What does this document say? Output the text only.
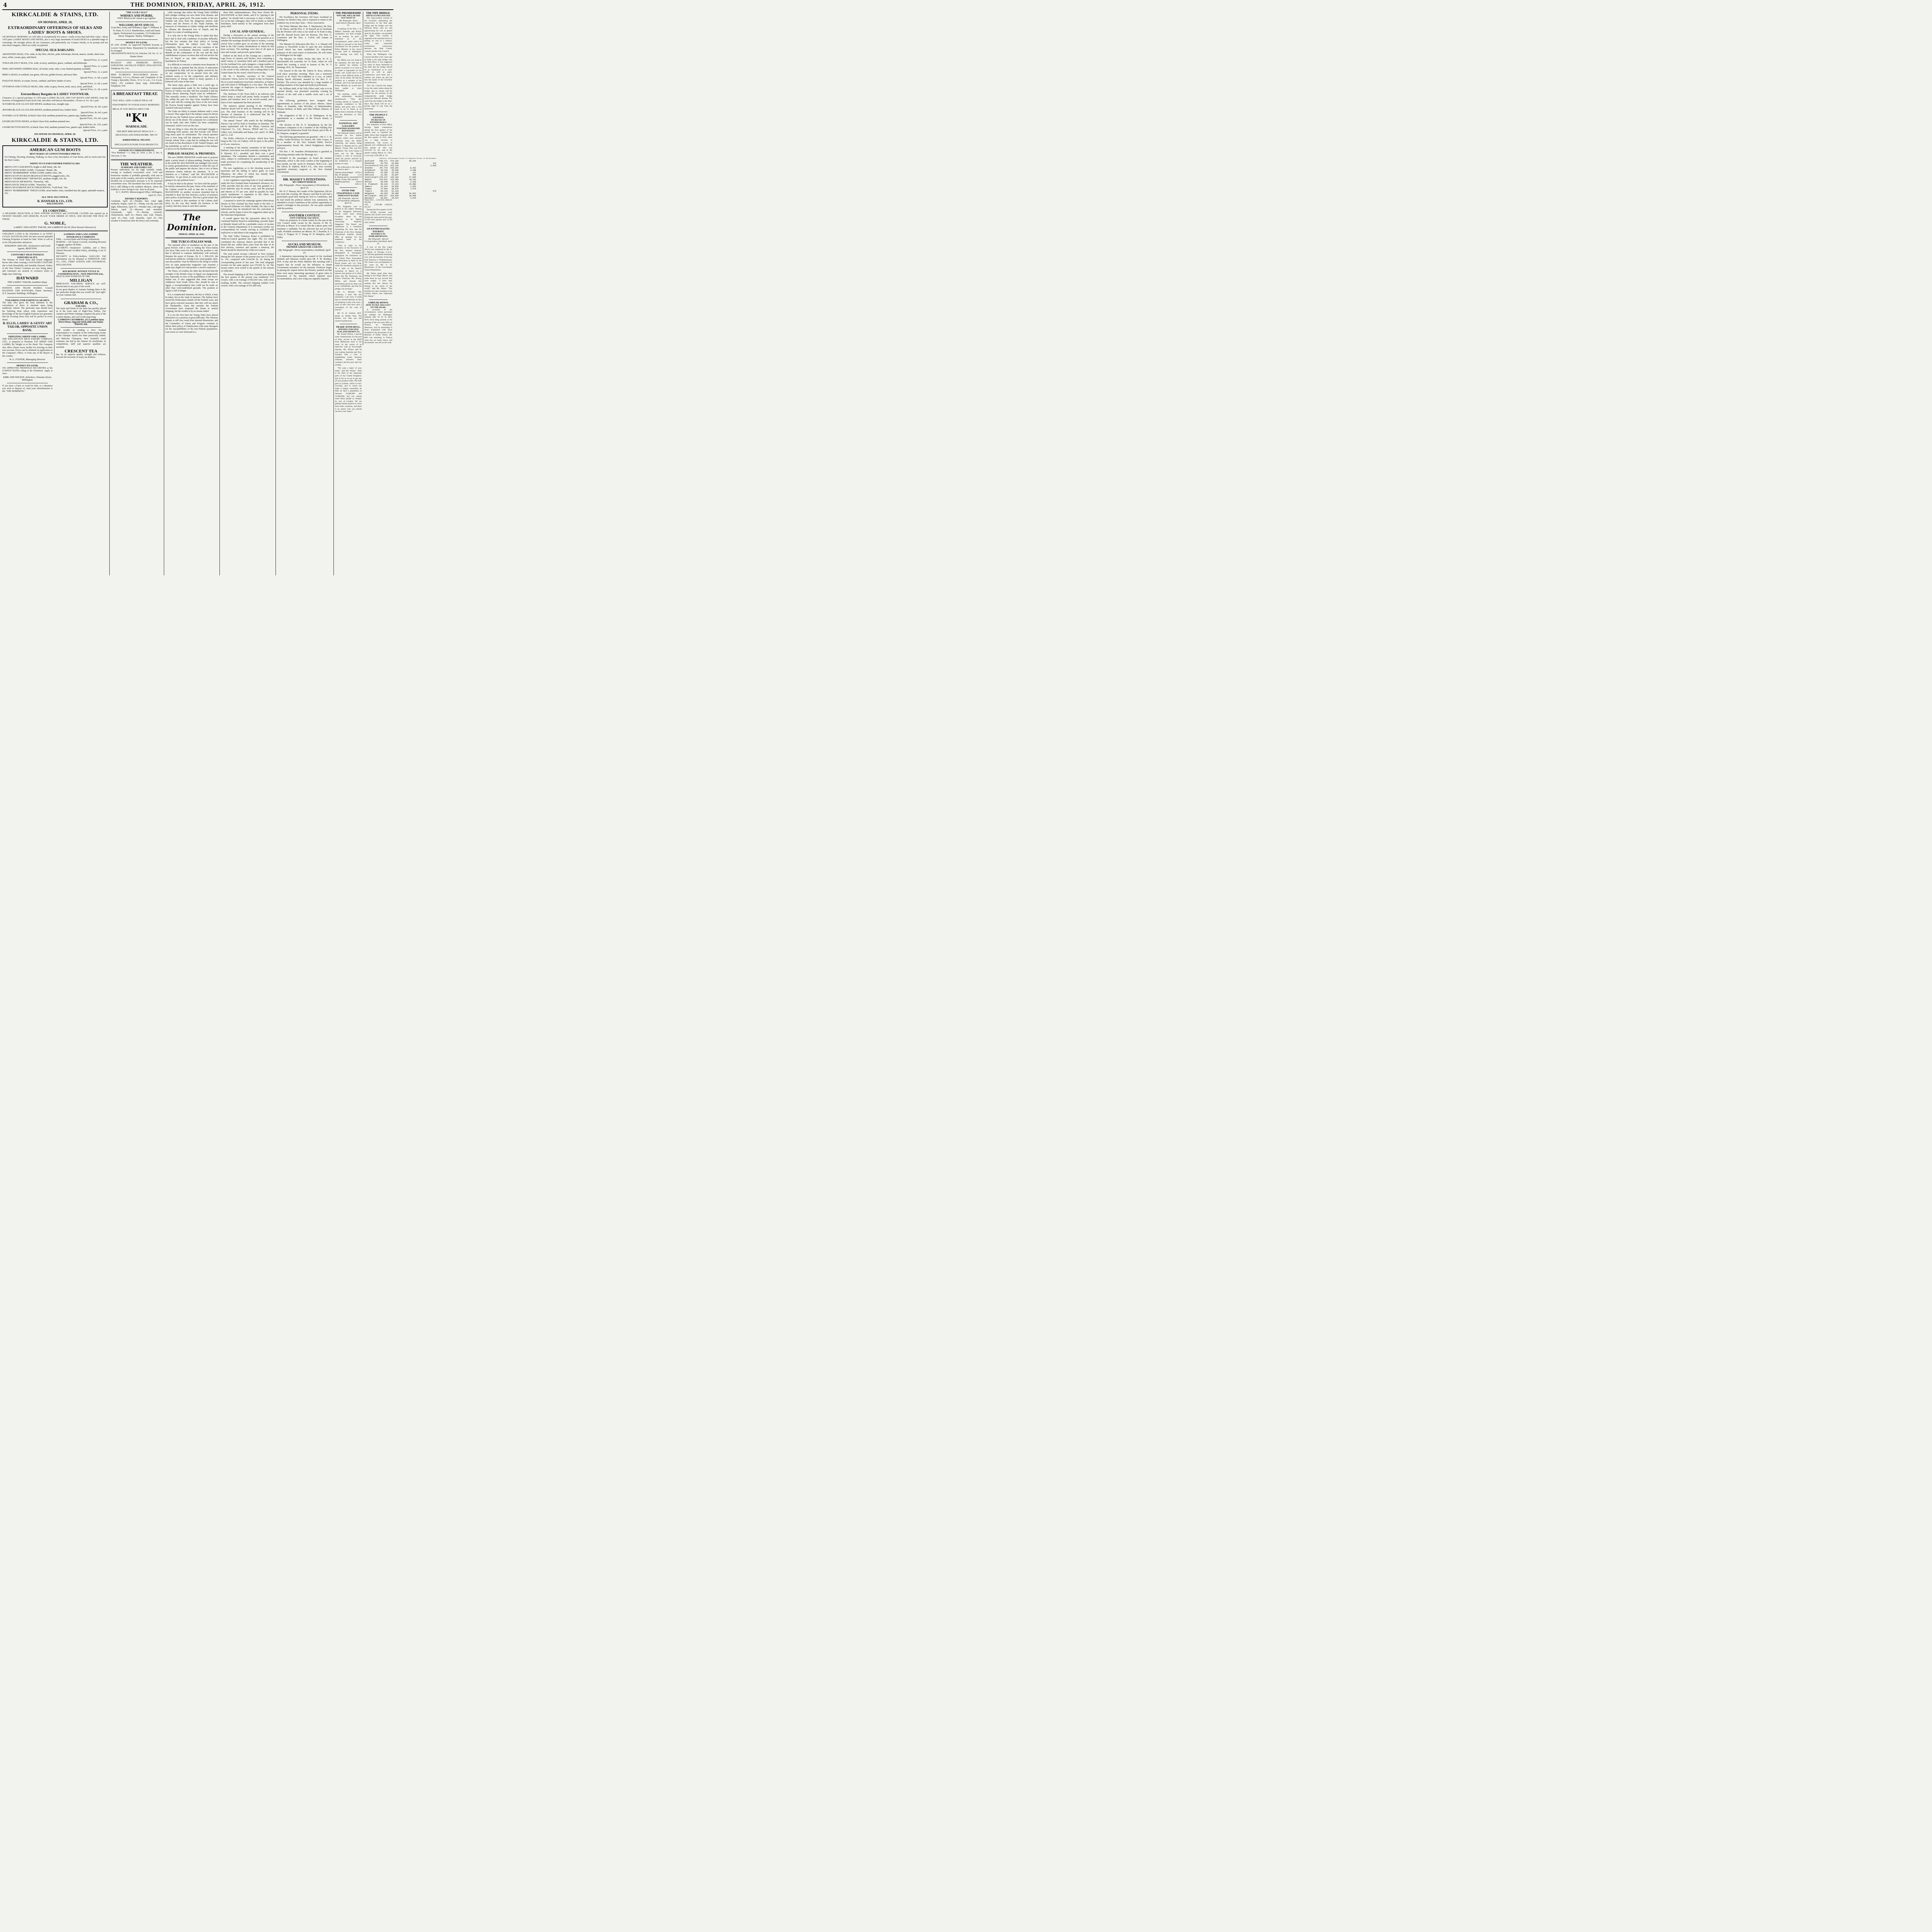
4	THE DOMINION, FRIDAY, APRIL 26, 1912.
KIRKCALDIE & STAINS, LTD.
ON MONDAY, APRIL 29,
EXTRAORDINARY OFFERINGS OF SILKS AND LADIES' BOOTS & SHOES.
ON MONDAY MORNING we will offer at exceptionally low prices—really at less than half their value—about 1470 pairs LADIES' BOOTS AND SHOES, also a very large assortment of useful SILKS in a splendid range of colourings. We strongly advise all our Customers, and particularly our Country friends, to be prompt and not miss these bargains, which are really exceptional.
SPECIAL SILK BARGAINS.
ARGENTINE SILKS, 27in. wide, in sky blue, electric, pink, heliotrope, biscuit, mauve, resede, sheet rose, navy, white, cream, grey, and black.

Special Price, 1s. a yard.
TOILE-DE-JOUY SILKS, 27in. wide, in navy, amethyst, green, cardinal, and heliotrope.

Special Price, 1s. a yard.
PINK AND WHITE STRIPED SILK, 20 inches wide, only a very limited quantity available.

Special Price, 1s. a yard.
BERCA SILKS, in cardinal, sea-green, old rose, golden brown, and navy blue.

Special Price, 1s. 9d. a yard.
PAILETTE SILKS, in cream, brown, cardinal, and three shades of navy.

Special Price, 1s. 6d. a yard.
OTTOMAN AND COTILLE SILKS, 20in. wide, in grey, brown, mole, navy, moss, and black.

Special Price, 1s. 3d. a yard.
Extraordinary Bargains in LADIES' FOOTWEAR.
Clearance of a special purchase of 1470 pairs LADIES' BLACK AND TAN BOOTS AND SHOES, from the factories of Knippendorf Fand, Rock Oak, and other well-known Shoemakers. All new at 11s. 6d. a pair.
56 PAIRS BLACK GLACE KID SHOES, medium toes, straight caps.

Special Price, 8s. 6d. a pair.
48 PAIRS BLACK GLACE KID SHOES, medium pointed toes, leather heels.

Special Price, 8s. 6d. a pair.
56 PAIRS LACE SHOES, in black Glace Kid, medium pointed toes, patent caps, leather heels.

Special Price, 10s. 6d. a pair.
8 PAIRS BUTTON SHOES, in black Glace Kid, medium pointed toes.

Special Price, 6s. 11d. a pair.
6 PAIRS BUTTON BOOTS, in black Glace Kid, medium pointed toes, patent caps, leather heels.

Special Price, 21s. a pair.
ON OFFER ON MONDAY, APRIL 29.
KIRKCALDIE & STAINS, LTD.
AMERICAN GUM BOOTS
BEST MAKES AT LOWEST POSSIBLE PRICES.
For Fishing, Shooting, Draining, Walking, we have every description of Gum Boots, and we stock none but the Best Grades.
WRITE TO US FOR FURTHER PARTICULARS.
MEN'S CITY GUM BOOTS, bright or dull finish, 28s. 6d.
MEN'S DUCK KNEE GUMS, "Gomestic" Brand, 18s.
MEN'S "RUBBERHIDE" KNEE GUMS, leather soles, 30s.
MEN'S SCOTCH GRAIN DRAINAGE BOOTS, pegged soles, 35s.
MEN'S "STORM KING" HIP BOOTS, medium weight, 52s. 6d.
MEN'S DUCK HIP BOOTS, "Waverley," 40s.
MEN'S DUCK THIGH GUMS, "Waverley," 40s.
MEN'S SNAGPROOF DUCK THIGH BOOTS, "Gold Seal," 42s.
MEN'S "RUBBERHIDE" THIGH GUMS, stout leather soles, moulded into the upper, splendid wearers, 47s.
ALL NEW 1912 STOCK.
R. HANNAH & CO., LTD.
WELLINGTON.
EX CORINTHIC.
A SPLENDID SELECTION of NEW WINTER SUITINGS and COSTUME CLOTHS Just opened up in NEWEST SHADES AND DESIGNS. PLACE YOUR ORDER AT ONCE, AND SECURE THE PICK OF THESE.
G. NOBLE,
LADIES' AND GENTS' TAILOR, 364 LAMBTON QUAY (Next Stewart Dawson's).
CHEAPEST LAND in the Dominion is on WEST COAST, SOUTH ISLAND. We have several splendid Farming Properties in hand for Sale. Write or call on us for full particulars and prices.
M'MAHON AND LEE, Auctioneers and Land Agents, REEFTON.
COSTUMES THAT POSSESS INDIVIDUALITY.
The Woman of Good Taste and Sound Judgment knows that when wearing a HAYWARD COSTUME she is both Beautifully and Sensibly Dressed. Orders of the New Winter Costumes are now being taken, and customers are assured of exclusive styles in High-class Tailoring.
HAYWARD
THE LADIES' TAILOR, Lambton Quay.
PATENTS AND TRADE MARKS. Consult BALDWIN AND RAYWARD, Patent Attorneys, N.Z. Insurance Buildings, Wellington.
TAILORING FOR PARTICULAR MEN.
The man who gives the least attention to the conventions of dress is insistent upon being faultlessly Attired. The particular man should have his Tailoring done where wide experience and knowledge of the best English Fashions are guarantee that his Evening Dress Suit will be perfect in every detail.
B. ELLIS, LADIES' & GENTS' ART TAILOR, OPPOSITE UNION BANK.
FREEZING SHEEP AND LAMBS.
THE WELLINGTON MEAT EXPORT COMPANY, LTD., is prepared to Purchase FAT SHEEP AND LAMBS, By Weight or at Per Head. The Company also offers clients every facility for freezing on their own account. Prices can be obtained on application at the Company's Office, or from any of the Buyers in the country.
W. G. FOSTER, Managing Director.
MONEY TO LEND.
ON APPROVED FREEHOLD SECURITIES at the LOWEST RATES ruling in the Dominion. Apply at once.
KIRK AND WILSON, Solicitors, Panama Street, Wellington.
If you have a Farm or Land for Sale, or a Business you wish to dispose of, send your advertisement to the "THE DOMINION."
LONDON AND LANCASHIRE INSURANCE COMPANY.
FIRE.—Lowest Rates and Prompt Settlements.
MARINE.—All Classes Covered, including Personal Luggage, against All Risks.
ACCIDENT.—Employers' Liability, and a Most Liberal Personal Accident Policy, including a List of Diseases.
SECURITY to Policy-holders, £4,812,381. Full information can be obtained at JOHNSTON AND CO., LTD., CHIEF AGENTS AND ATTORNEYS, WELLINGTON.
KELBURNE AVENUE STYLE IS COSMOPOLITAN—NOT PROVINCIAL.
THAT IS WHY PATRONS OF THE
MILLIGAN
MERCHANT TAILORING SERVICE are well-dressed men in any part of the world.
In our great display of Autumn Suitings there is the one particular design that you would call "just right" for your Autumn Suit.
GRAHAM & CO.,
TAILORS.
The Style and Finish of our Suits has quickly placed us in the front rank of High-Class Tailors. Our Autumn and Winter Suitings comprise the pick of the London Market, and well worth inspecting.
LAMBTON CHAMBERS, 212 Lambton Quay (First Floor), Opposite Kirkcaldie and Stains, 'PHONE 620.
THE trouble in sending a New Zealand representative to compete in the forthcoming events at the Olympic Sports has been practically settled, and Malcolm Champion, New Zealand's crack swimmer, has left by the Athenic for Stockholm. In competitions, skill and superior qualities are essential.
CRESCENT TEA
has, by its superior quality, strength and richness, become the favourite of many tea drinkers.
"THE CLUB CALLS"
WHISKY AND PURIRI,
THEY Blend as tho' meant to go together.
WILLIAMS, HUNT AND CO.
(Late Barr, Leary, and Williams.) Algar T. Williams. E. W. Hunt, F.I.A.N.Z. Sharebrokers, Land and Estate Agents, Professional Accountants, 153 Featherston Street, Telegrams "Barley, Wellington."
MONEY TO LEND.
IN ANY SUMS, on Approved Freehold Security at Lowest Current Rates. Repayment by instalments can be arranged.
SIR KENNETH DOUGLAS, Solicitor, Tel. No. 31. 11 Hunter Street.
BULKLEY AND DIDSBURY, DENTAL SURGEONS, 144 WILLIS STREET, WELLINGTON. Telephone No. 216.
MISS FLORENCE MACGEORGE (Doctor of Osteopathy, U.S.A.), Diseases and Complaints of the Young a Speciality. Hours, 10 to 12 a.m., 2 to 4 p.m. Office, 252 Lambton Quay (opp. Kirkcaldie's). Telephone, 939.
A BREAKFAST TREAT.
YOU WILL ADD A GREAT DEAL OF ENJOYMENT TO YOUR DAILY MORNING MEAL IF YOU REGULARLY USE
"K"
MARMALADE.
THE BEST BREAKFAST DELICACY — DELICIOUS AND WHOLESOME. TRY IT!
KIRKPATRICK, NELSON.
SPECIALISTS IN PURE FOOD PRODUCTS.
ANSWER TO CORRESPONDENT.
"Five Hundred."—1, May 23, 1910. 2, No. 3, Yes. 4, One year. 5, Yes.
THE WEATHER.
SUMMARY AND FORECAST.
Present indications are for high westerly winds, veering to southerly everywhere soon. Cold and boisterous weather is probable generally, with rain in most parts of the country, and snow on higher levels. A decided rise in barometric pressure is to be expected everywhere soon. The barometer has risen in the north, but is still falling in the southern districts, where the tendency is now strong to rise. Seas in all parts.
D. C. BATES. Meteorological Office, Wellington, April 25, 1912.
DISTRICT REPORTS.
Auckland, April 25.—Weather fine; wind light northerly. Napier, April 25.—Windy, wet day and cold night. Palmerston, April 25.—Weather fine; cold night. Nelson, April 25.—Showery and unsettled. Greymouth, April 25.—Stormy, westerly. Christchurch, April 25.—Heavy rain; cold. Timaru, April 25.—Fine, cold. Dunedin, April 25.—The weather is boisterous after the heavy rain yesterday.

cable message that unless the Young Turks fulfilled their pledges nothing can save them from disaster, and Europe from a great peril. The main results of the new Turkish rule have been the dangerous tension with France and the Powers of the Triple Entente; the massacre of Armenians at Adana; risings and rebellions in Albania; the threatened loss of Tripoli, and the Empire in a state of seething unrest.

It is only fair to the Young Turks to admit that they have had to deal with conditions of peculiar difficulty, but the fact remains that their policy of forcing Ottomanism upon the subject races has failed completely. The supremacy and very existence of the Young Turk Government, therefore, would seem to depend on the continuance of the war and the final establishment of peace on terms that will not involve the loss of Tripoli or any other conditions inflicting humiliation on Turkey.

It is difficult to conceive a situation more desperate. It may be taken as granted that the decree of annexation promulgated by Italy will not be lightly waived by her on any compromise. In its present form the only solution seems to be the compulsory and arbitrary intervention of Europe which in many quarters it is believed will come in due time.

The latest reply, given a little over a week ago, to peace representations made by the leading European Powers to Turkey was that "the first essential is that the Italian decree annexing Tripoli must be withdrawn." This naturally creates a deadlock. The Triple Alliance has within the past few days been extended towards 1914, and with the coming into force of the new treaty the Powers bound together against Turkey have been watched with much anxiety.

The Turks are likely to remain obdurate until a crisis is forced. They argue that if the Italians cannot be driven into the sea, the Turkish forces and the Arabs cannot be driven out of the desert. The proposals for a settlement can be made only after Turkey has been completely exhausted, which is not yet the case.

But one thing is clear, that the prolonged struggle is weakening both parties, and that Europe will before long insist upon its termination. The crucial question now is how long will the interests of the Powers of Europe refrain from a step that by ending the war will not result in that dissolution of the Turkish Empire, and the probability as well of a readjustment of the balance of power in the Mediterranean.

PHRASE-MAKING & PROMISES.

The new PRIME MINISTER would seem to propose quite a pretty knack of phrase-making. During his tour in the north Mr. MACKENZIE has indulged very freely in catchy generalisations calculated to tickle the ears of the public and impress the elector. One or two of these utterances clearly indicate his intention. "It is our intention as a Cabinet," said Mr. MACKENZIE at Hamilton, "to get down to solid work, and we are not going in for any political loves."

It may be that in the phrase "we have told the people" he merely summarises the past. Some of the members of the Cabinet would be well to take this to heart. Mr. MACKENZIE on another occasion remarked that he intended to draw the line between a policy of promises and a policy of performance. This has a good sound. But what is wanted is that members of the Cabinet shall show, by the way they handle the business of the country, that they mean to earn their salaries.

The Dominion.
FRIDAY, APRIL 26, 1912.
THE TURCO-ITALIAN WAR.

The repeated offers of mediation on the part of the great Powers with a view to ending the Turco-Italian war leave little room for doubt that the position is one that if allowed to continue indefinitely will seriously threaten the peace of Europe. Dr. E. J. DILLON, the well-known publicist, writing in his usual graphic style, says the position "may be likened to the firing of rockets over an open gunpowder magazine—any moment a spark may alight on it and produce a terrific explosion."

The Times, of London, the other day declared that the strength of the British Army in Egypt was dangerously low, especially in view of the possibilities of the Turco-Italian war. It also suggested that when troops are withdrawn from South Africa they should be sent to Egypt, a recommendation that could not be made on other than well-established grounds. The position in Egypt is full of danger.

It is a complicated situation, the key to which, it may be taken, lies in the clash of interests. The Italians have seized the Dodecanese islands off the Turkish coast, and have given renewed assurance that they will not attack the Dardanelles. Upon this promise the Turkish Government have reopened the Straits to neutral shipping, but the trouble is by no means ended.

It is not the first time the Young Turks have placed themselves in a position of great difficulty. The Ottoman Empire is still very weak from internal dissensions, and the Committee of Union and Progress continue to follow their policy of Turkification with some disregard for the susceptibilities of the non-Turkish populations. Last week we were informed in a

these little unpleasantnesses. They have chosen Mr. MACKENZIE as their leader, and if in "playing to the gallery" he should find it necessary to deal a buffet or two at his late colleagues, they will no doubt, as faithful henchmen, bend meekly to the castigation from their party chief.

LOCAL AND GENERAL.

During a discussion at the annual meeting of the Men's City Brotherhood last night, on the question as to whether the meetings should be open to women, a recent arrival from London gave an account of the meetings held in the Old Country Brotherhood of which he had been secretary. The meetings were first of all open to men and women, and proved a great failure.

Parked on the deck of the Aorangi are a number of cage boxes of canaries and finches, each containing a small variety of Australian birds and a hundred parrots for the Auckland Zoo, and a kangaroo, a large number of Australian parrots, and two black swans. Mr. Schneider is the owner of the collection, and is taking them to the United States by the vessel, which leaves to-day.

Mr. M. J. Reardon, secretary of the General Labourers' Union, leaves for Napier to-day on business. He is to meet employers in private conference, at Napier, and will return to Wellington in a few days. The matter concerns the wages of employees in connection with harbour works at Napier.

The chairman of the Town Hall is an ardorous task which keeps a small staff pretty busily occupied. The pianos and furniture have to be moved around, and a mass of new equipment has been procured.

The statutory annual meeting of the Wellington Harbour Board will be held on Thursday next, at 2.30 p.m. The chief business of the meeting will be the election of chairman. It is understood that Mr. R. Fletcher will be re-elected.

The annual "house" rifle match for the Wellington Harvey Cup will be fired at Trentham on Saturday. The teams represented will be the Hilton, Greerton and Glassware Co., Ltd., Briscoe, M'Kell and Co., Ltd., Gibb's, Ltd., Kirkcaldie and Stains, Ltd., and E. W. Mills and Co., Ltd.

The Hollis collection of pictures, which have been hung in the City Art Gallery, will be open to the public at 10 a.m. tomorrow.

A meeting of the interim committee of the Eastern Harbour Association was held yesterday evening, Mr. C. P. Skerrett, K.C., presided, and there was a good attendance. The committee drafted a constitution and rules, subject to confirmation by general meeting, and made provision for completing the membership of the association.

The new regulations as to the shooting season for opossums and the killing of native game on Lake Ellesmere, the effect of which has already been published, were gazetted last night.

A new regulation respecting loans to local authorities under the New Zealand State-Guaranteed Advances Act, 1909, provides that the term of any loan granted to a local authority may be twenty years, and the principal and interest at 5½ per cent. shall be payable by half-yearly instalments. A regulation to this effect was published in last night's Gazette.

A proposal to assist the campaign against tuberculosis disease in New Zealand has been made to the Hon. G. W. Russell (Minister for Public Health). His idea is that tuberculosis may be introduced into the curriculum of schools, and he hopes to have his suggestion taken up by the Education Department.

It would appear that the precaution taken by the Auckland Harbour Board in establishing a powder depot at Motuihi Island will be a profitable source of income to the Customs Department. It is customary (writes our correspondent) for vessels arriving at Auckland with explosives to take them to the magazine first.

The Hutt Valley Tramway Board is prohibited by Order-in-Council gazetted last night. The Act which constituted the tramway district provided that if the Board did not, within three years from the date of its first election, construct and operate a tramway, the Board should be dissolved by Order-in-Council.

The total postal revenue collected in New Zealand during the first quarter of the present year was £173,896 5s. 11d., compared with £164,596 9s. 3d. during the corresponding period of last year. The total telegraph revenue for the same quarter was £76,936 5s. 1d. The money-orders were issued in the quarter to the amount of £686,000.

The inward shipping at all New Zealand ports during the first quarter of the present year numbered 1113 vessels, with a net tonnage of 902,665 tons, with crews totalling 26,806. The outward shipping totalled 1126 vessels, with a net tonnage of 931,000 tons.

PERSONAL ITEMS.

His Excellency the Governor will leave Auckland on Tuesday for Hawke's Bay, and is expected to return to the southern city in ten days' time.—Press Association.

The Prime Minister (the Hon. T. Mackenzie), the Hon. A. M. Myers, and the Hon. G. W. Russell are in Auckland, but the Premier will come as far south as Te Kuiti to-day, and Mr. Russell leaves later for Rotorua. The Hon. G. Laurenson and the Hon. J. Colvin will remain in Wellington.

The Minister for Education (the Hon. J. A. Hanan) will journey to Woodville to-day to open the new technical school which has been established for educational purposes of the rural course of instruction. He will return to Wellington for the night.

The Minister for Public Works (the Hon. W. D. S. MacDonald) left yesterday for Te Kuiti, where he will attend this evening a social in honour of Mr. W. T. Jennings, M.P., for Taumarunui.

The funeral of the late Mr. Edwin H. Ross, solicitor, took place yesterday morning. There was a memorial service in St. Paul's Pro-Cathedral at 9 a.m., at which Bishop Sprott officiated, assisted by the Rev. F. G. Fitchett. The service was attended by a large number of leading members of the legal and medical professions.

Mr. William Judd, of the Tolls Office staff, who is to be married shortly, was presented yesterday evening by officers of the staff with a marble clock and a set of carvers.

The following gentlemen have resigned their appointments as justices of the peace: Messrs. James Tabor, of Dunedin; John M'Lellan, of Burkesheadon; Thomas Roberts, of Bulls; and John William Johnson, of Waimate.

The resignation of Mr. F. G. B. Waldegrave, of his appointment as a member of the Prisons Board, is gazetted.

The election of Mr. H. E. Kempthorne by the fire insurance companies to be a member of the Fielding Fire Board and the Palmerston North Fire Board, and of Mr. R. M. Simpson, resigned, is gazetted.

The following appointments are gazetted:—Mr. G. C. B. Jordan, Under-Secretary for Justice; Mr. John Cooper, to be a member of the New Zealand Public Service Superannuation Board; Mr. Alfred Hodgkinson, district surveyor.

The Rev. J. M. Saunders (Presbyterian) is gazetted as officiating minister under the Marriage Act.

Included in the passengers on board the steamer Rimutaka, which is due from London at the beginning of next month, are Mr. Jacob H. Primmer, M.R.C.S.E., and Mr. Edwin B. Elphick, M.R.C.V.S., who were recently appointed veterinary surgeons to the New Zealand Government.

MR. MASSEY'S INTENTIONS.
RE CHRISTCHURCH.
(By Telegraph—Press Association.) Christchurch, April 25.

Mr. W. F. Massey, the Leader of the Opposition, left for the north this evening. Mr. Massey said that he had had a particularly good time during his visit to Canterbury, and he had found the political outlook very satisfactory. He intended to revisit Canterbury at the earliest opportunity to spend a fortnight in that province. He was quite satisfied with the position.

ANOTHER CONTEST.
CITY COUNCIL VACANCY.

There are prospects of a brisk contest for the seat on the City Council made vacant by the election of Mr. D. M'Laren as Mayor. It is certain that the Labour party will nominate a candidate, but the selection has not yet been made. Probable nominees are Messrs. M. J. Reardon, E. J. Carey, E. Tregear, W. T. Young, W. H. Hampton, and J. Fuller.

AUCKLAND MUSEUM.
PREMIER ASKED FOR A GRANT.
(By Telegraph—Press Association.) Auckland, April 25.

A deputation representing the council of the Auckland Institute and Museum waited upon Mr. F. M. Brodney, M.P., to-day and the Prime Minister this morning with a request that he would use his influence to obtain Government assistance for the museum. Professor Segar, in placing the request before the Premier, pointed out that there were many interesting specimens of great value in possession of the museum which required more accommodation, and a new wing was urgently required.

THE PREMIERSHIP.
WHY MR. MILLAR DID NOT WANT IT.
(By Telegraph—Press Association.) Dunedin, April 25.

A meeting of the Hon. J. A. Millar's Dunedin and Roslyn committees was held to-night. At its request, he gave a statement as to the circumstances under which he decided to proceed to the final nomination for the position of Prime Minister at the caucus recently held in Wellington. The meeting was held in private.

Mr. Millar was very frank in his statement. He said that in his opinion the relation of parties at present is so close as to render it impossible for the leader, who would have to be under a most difficult strain, to carry on his duties. He had his position as a member of the Cabinet, and if he had become Prime Minister he would have been unable to leave Wellington.

The meeting, which was most enthusiastic, decided unanimously: "That this meeting desires to express its complete confidence in Mr. Millar, and gives him a free hand to act in future as he thinks best in interests of Otago and the Dominion of New Zealand."

NATIONAL ART GALLERY.
FURTHER HANDSOME DONATIONS.

The National Gallery will be enriched by two further pictures which were selected yesterday from the Hollis collection, the donors being Messrs. E. Hannah and Co. and Messrs. Vivian, Dau, and Eric Riddiford. The work chosen is each one by Mr. Mount London, a view in Cornwall, while the picture selected by the Riddifords is a tranquil stream of water.

The following is the state of the fund to date:—

Amount acknowledged 1279 0 3
Mrs. W. Bretham	3 3 0
E. Hannah and Co. (picture) 63 0 0
Messrs. Vivian, Dan, and Eric Riddiford (picture)	250 0 0
Total	1595 3 3
OVER THE STAGPOOLE CASE.
INDIGNANT BOARD.
(By Telegraph—Special Correspondent.) Wanganui, April 25.

The Stagpoole case re-echoed at last night's meeting of the Wanganui Education Board, when stout strong exception taken by the members to its dignity concerning Inspector Stagpoole. The Board was unanimous in a resolution expressing the view that the Chairman of the New Zealand Educational Institute should offer an apology for the statement made at the conference.

"That in reply to the resolution of the Executive of the New Zealand Institute, telegraphed to newspapers throughout the Dominion by the United Press Association for publication on April 19, the Board points out:—(1) That, while the resolution purports to be a reply to the Board's resolution of March 23, it ignores that portion of it which states that Mr. Parkinson, the former Chairman, Mr. Strong, Millar, and Stewart that information given by them was to be confidential, and that the pledge was not kept."

Mr. G. Bennett: "Mr. Chairman, I don't like this resolution. I am sorry to think that we should entertain an idea of bandying words with such a body of men who have such a conception of the code of honour."

Mr. D. B. Guthrie, M.P., spoke on similar lines. The motion was then put and carried unanimously.

TRADE WITH HULL.
OPENING FOR NEW ZEALAND PRODUCTS.

Mr. Austin Wilson, a special trade commissioner for the port of Hull, arrived at the Bluff from Melbourne early in the week. In the course of an interview with an Invercargill reporter, Mr. Wilson said he was touring Australia and New Zealand with a view to establishing closer business relations between these countries and the port and city of Hull.

"We want a share of your trade," said Mr. Wilson. "Hull is the third of the important ports of the United Kingdom, and so far as we go to get any of your produce trade. The bulk goes to London, which is over-crowded, and in which the trade is largely controlled. At Hull we have a population of between 10,000,000 and 12,000,000, and you cannot reach these people as cheaply by way of London. We are getting similar projects to yours from other countries, and there is no reason why you should not have your share."

THE PIPE BRIDGE.
DIFFICULTIES SOLVED.

The long-awaited warrant of the Governor authorising the construction of the Hutt pipe bridge and the bridge over the Waiwetu River, near by, and apportioning the cost as agreed upon by the parties, was gazetted last night. This warrant is regarded as the essential factor in putting an end to a tedious, costly, and somewhat acrimonious controversy between the Hutt County Council and the City Council.

When the Wellington City Council decided a few years ago to build a new pipe bridge over the Hutt River, it was suggested by some of those interested in the Hutt that the bridge should be so constructed as to carry traffic as well as pipes. Conferences were held, and a scheme was drawn up and put into the hands of the Governor for ratification.

The City Council has begun to lay the water mains along the bridge, and so clearly call for tenders for the erection of the comparatively small bridge across the Waiwetu Stream. The road from the bridge to the Hutt-Day's Bay Road will be on a private right of way from the Hutt Road.

THE PEOPLE'S SAVINGS.
INCREASE OF WITHDRAWALS.

The statement of Post Office Savings Bank transactions during the first quarter of the present year, as Gazetted last night, shows that compared with the first quarter of 1911, there was a large increase in withdrawals. The excess of deposits over withdrawals in the first quarter of 1911 was £323,341 6s. 4d., and in the quarter ending March 31, 1912, it was only £199,789 3s. 7d.

	Deposits	Withdrawals	Excess of Deposits	Excess of Withdrawals
Auckland	648,171	576,165	68,016	
Blenheim	26,753	26,884		131
Christchurch	474,115	476,135		2,020
Dunedin	347,714	339,292	8,422	
Greymouth	49,128	45,840	3,288	
Gisborne	52,369	52,238	131	
Hokitika	21,351	20,867	484	
Invercargill	154,137	126,192	27,945	
Napier	133,612	123,380	10,232	
Nelson	55,640	53,312	2,328	
N. Plymouth	86,319	72,233	14,086	
Oamaru	31,413	29,820	1,593	
Thames	37,954	30,878	7,076	
Timaru	60,144	61,120		976
Wanganui	94,320	59,488	34,832	
Wellington	659,617	619,659	39,958	
Westport	36,837	34,022	2,815	
Totals 1912 ... 3,167,954 2,968,165 199,789
1911 ... 3,504,486 3,286,293 323,341

During the first quarter of this year 24,500 accounts were opened, and 18,443 were closed. During the same period last year, 22,702 were opened, and 15,784 were closed.

AN ENTHUSIASTIC TOURIST.
ROTORUA TO WAIKAREMOANA.
(By Telegraph—Special Correspondent.) Auckland, April 25.

A tour of the Hot Lakes district just completed by Mr. H. J. Patten, of Chicago, U.S.A., has left that gentleman brimming over with the beauties of the trip from Rotorua to Waikaremoana. The visitor was accompanied on the route by Mr. F. W. Moorhouse, of the Government Tourist Department.

Mr. Patten spent three days fishing in the Taupo district, and while there he saw several fine trout caught. "I have seen nothing like this district for fishing in the whole of the world," said Mr. Patten. "The facilities for deer shooting in the Galatea district also impressed Mr. Patten."

A BREAK-DOWN.
HOW AN M.P. WAS LEFT ON THE ROAD.

A recountal of the circumstances which prevented the member for Wellington Suburbs (Mr. W. H. D. Bell, M.P.) from being present at the opening of the new post office at Porirua, on Wednesday afternoon, will be interesting to those acquainted with those included in the procession of the Minister of Public Works. Mr. Bell was motoring to Porirua when the car broke down, and the member was left on the road.
